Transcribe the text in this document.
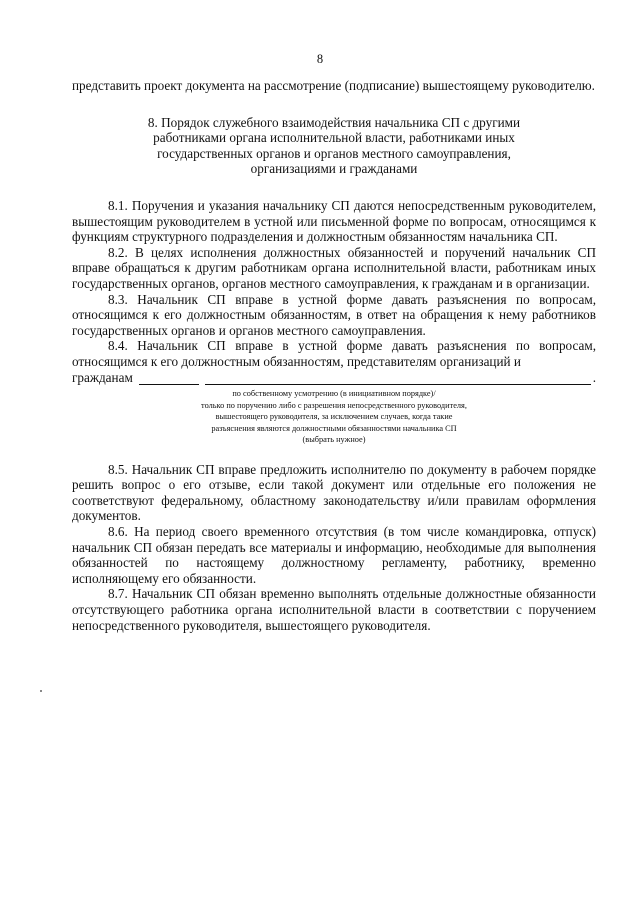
8

представить проект документа на рассмотрение (подписание) вышестоящему руководителю.

8. Порядок служебного взаимодействия начальника СП с другими
работниками органа исполнительной власти, работниками иных
государственных органов и органов местного самоуправления,
организациями и гражданами

8.1. Поручения и указания начальнику СП даются непосредственным руководителем, вышестоящим руководителем в устной или письменной форме по вопросам, относящимся к функциям структурного подразделения и должностным обязанностям начальника СП.

8.2. В целях исполнения должностных обязанностей и поручений начальник СП вправе обращаться к другим работникам органа исполнительной власти, работникам иных государственных органов, органов местного самоуправления, к гражданам и в организации.

8.3. Начальник СП вправе в устной форме давать разъяснения по вопросам, относящимся к его должностным обязанностям, в ответ на обращения к нему работников государственных органов и органов местного самоуправления.

8.4. Начальник СП вправе в устной форме давать разъяснения по вопросам, относящимся к его должностным обязанностям, представителям организаций и

гражданам	.
по собственному усмотрению (в инициативном порядке)/
только по поручению либо с разрешения непосредственного руководителя,
вышестоящего руководителя, за исключением случаев, когда такие
разъяснения являются должностными обязанностями начальника СП
(выбрать нужное)

8.5. Начальник СП вправе предложить исполнителю по документу в рабочем порядке решить вопрос о его отзыве, если такой документ или отдельные его положения не соответствуют федеральному, областному законодательству и/или правилам оформления документов.

8.6. На период своего временного отсутствия (в том числе командировка, отпуск) начальник СП обязан передать все материалы и информацию, необходимые для выполнения обязанностей по настоящему должностному регламенту, работнику, временно исполняющему его обязанности.

8.7. Начальник СП обязан временно выполнять отдельные должностные обязанности отсутствующего работника органа исполнительной власти в соответствии с поручением непосредственного руководителя, вышестоящего руководителя.
